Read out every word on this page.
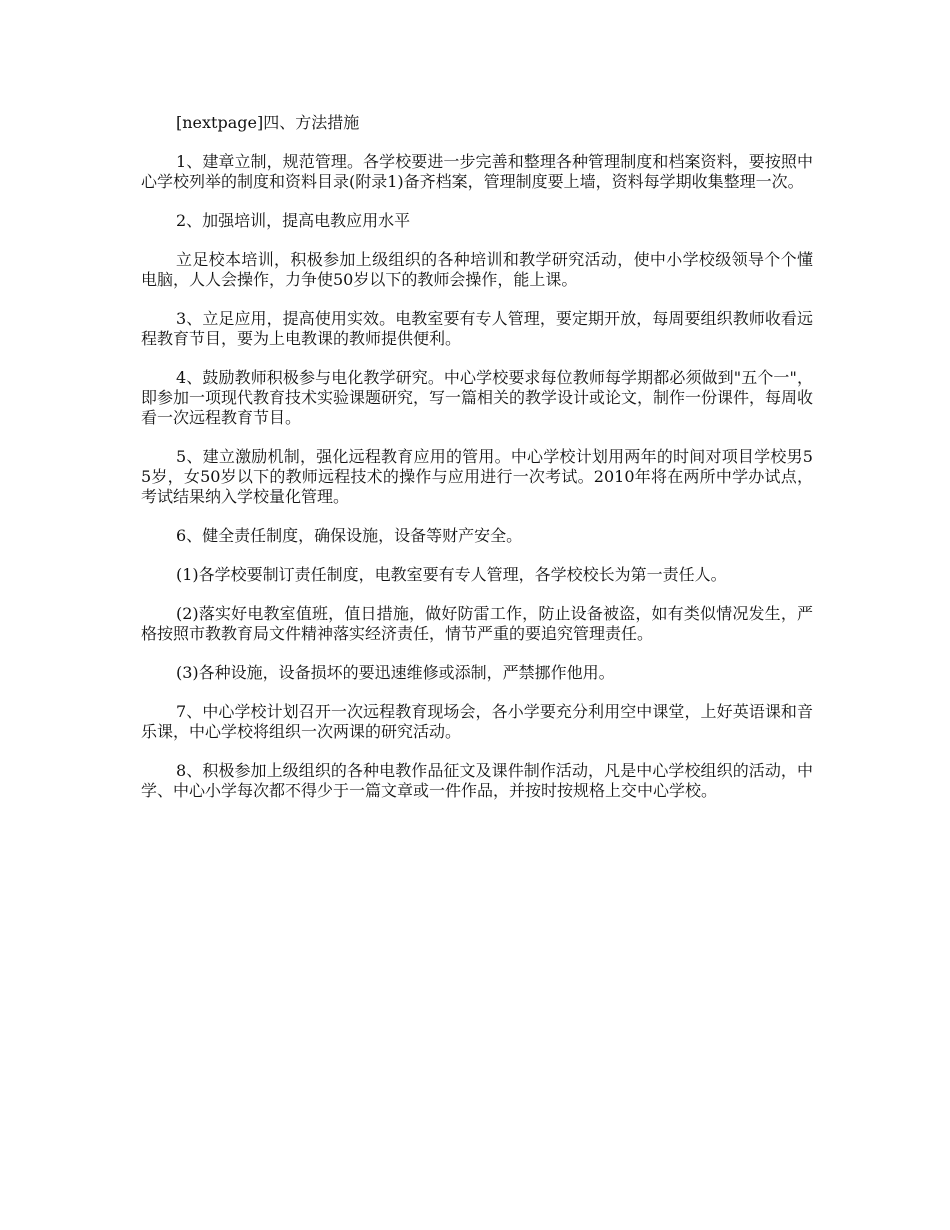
[nextpage]四、方法措施

1、建章立制，规范管理。各学校要进一步完善和整理各种管理制度和档案资料，要按照中心学校列举的制度和资料目录(附录1)备齐档案，管理制度要上墙，资料每学期收集整理一次。

2、加强培训，提高电教应用水平

立足校本培训，积极参加上级组织的各种培训和教学研究活动，使中小学校级领导个个懂电脑，人人会操作，力争使50岁以下的教师会操作，能上课。

3、立足应用，提高使用实效。电教室要有专人管理，要定期开放，每周要组织教师收看远程教育节目，要为上电教课的教师提供便利。

4、鼓励教师积极参与电化教学研究。中心学校要求每位教师每学期都必须做到"五个一"，即参加一项现代教育技术实验课题研究，写一篇相关的教学设计或论文，制作一份课件，每周收看一次远程教育节目。

5、建立激励机制，强化远程教育应用的管用。中心学校计划用两年的时间对项目学校男55岁，女50岁以下的教师远程技术的操作与应用进行一次考试。2010年将在两所中学办试点，考试结果纳入学校量化管理。

6、健全责任制度，确保设施，设备等财产安全。

(1)各学校要制订责任制度，电教室要有专人管理，各学校校长为第一责任人。

(2)落实好电教室值班，值日措施，做好防雷工作，防止设备被盗，如有类似情况发生，严格按照市教教育局文件精神落实经济责任，情节严重的要追究管理责任。

(3)各种设施，设备损坏的要迅速维修或添制，严禁挪作他用。

7、中心学校计划召开一次远程教育现场会，各小学要充分利用空中课堂，上好英语课和音乐课，中心学校将组织一次两课的研究活动。

8、积极参加上级组织的各种电教作品征文及课件制作活动，凡是中心学校组织的活动，中学、中心小学每次都不得少于一篇文章或一件作品，并按时按规格上交中心学校。
